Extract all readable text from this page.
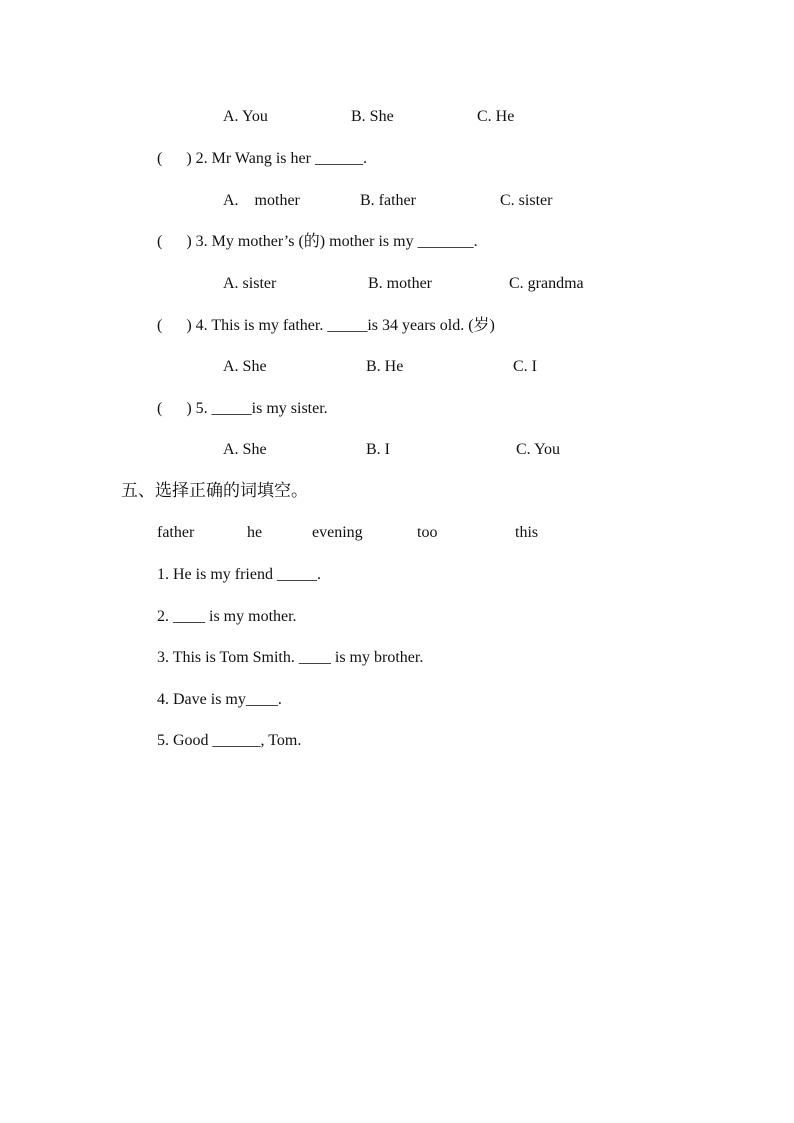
A. You	B. She	C. He
(      ) 2. Mr Wang is her ______.
A.    mother	B. father	C. sister
(      ) 3. My mother’s (的) mother is my _______.
A. sister	B. mother	C. grandma
(      ) 4. This is my father. _____is 34 years old. (岁)
A. She	B. He	C. I
(      ) 5. _____is my sister.
A. She	B. I	C. You
五、选择正确的词填空。
father	he	evening	too	this
1. He is my friend _____.
2. ____ is my mother.
3. This is Tom Smith. ____ is my brother.
4. Dave is my____.
5. Good ______, Tom.
